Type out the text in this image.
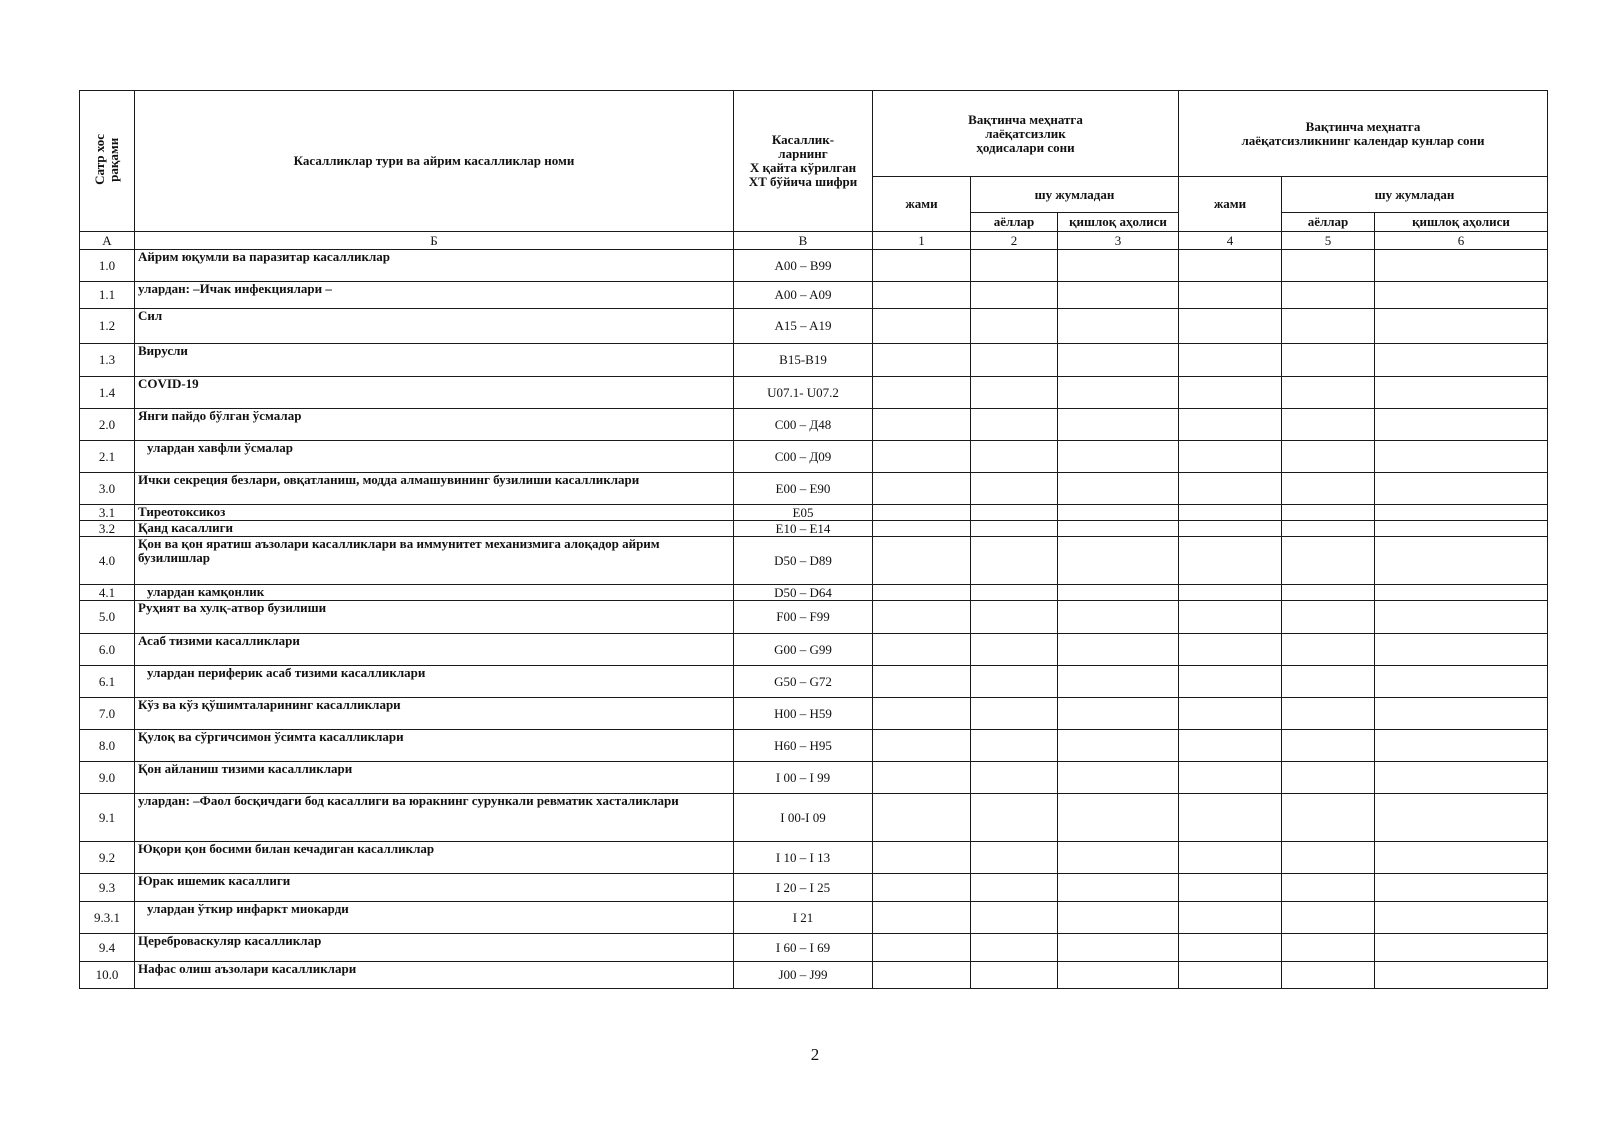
Сатр хос
рақами	Касалликлар тури ва айрим касалликлар номи	Касаллик-
ларнинг
Х қайта кўрилган
ХТ бўйича шифри	Вақтинча меҳнатга
лаёқатсизлик
ҳодисалари сони			Вақтинча меҳнатга
лаёқатсизликнинг календар кунлар сони		
			жами	шу жумладан		жами	шу жумладан	
				аёллар	қишлоқ аҳолиси		аёллар	қишлоқ аҳолиси
А	Б	В	1	2	3	4	5	6
1.0	Айрим юқумли ва паразитар касалликлар	A00 – B99						
1.1	улардан: –Ичак инфекциялари –	A00 – A09						
1.2	Сил	A15 – A19						
1.3	Вирусли	B15-B19						
1.4	COVID-19	U07.1- U07.2						
2.0	Янги пайдо бўлган ўсмалар	C00 – Д48						
2.1	улардан хавфли ўсмалар	C00 – Д09						
3.0	Ички секреция безлари, овқатланиш, модда алмашувининг бузилиши касалликлари	E00 – E90						
3.1	Тиреотоксикоз	E05						
3.2	Қанд касаллиги	E10 – E14						
4.0	Қон ва қон яратиш аъзолари касалликлари ва иммунитет механизмига алоқадор айрим бузилишлар	D50 – D89						
4.1	улардан камқонлик	D50 – D64						
5.0	Руҳият ва хулқ-атвор бузилиши	F00 – F99						
6.0	Асаб тизими касалликлари	G00 – G99						
6.1	улардан периферик асаб тизими касалликлари	G50 – G72						
7.0	Кўз ва кўз қўшимталарининг касалликлари	H00 – H59						
8.0	Қулоқ ва сўргичсимон ўсимта касалликлари	H60 – H95						
9.0	Қон айланиш тизими касалликлари	I 00 – I 99						
9.1	улардан: –Фаол босқичдаги бод касаллиги ва юракнинг сурункали ревматик хасталиклари	I 00-I 09						
9.2	Юқори қон босими билан кечадиган касалликлар	I 10 – I 13						
9.3	Юрак ишемик касаллиги	I 20 – I 25						
9.3.1	улардан ўткир инфаркт миокарди	I 21						
9.4	Цереброваскуляр касалликлар	I 60 – I 69						
10.0	Нафас олиш аъзолари касалликлари	J00 – J99						
2
